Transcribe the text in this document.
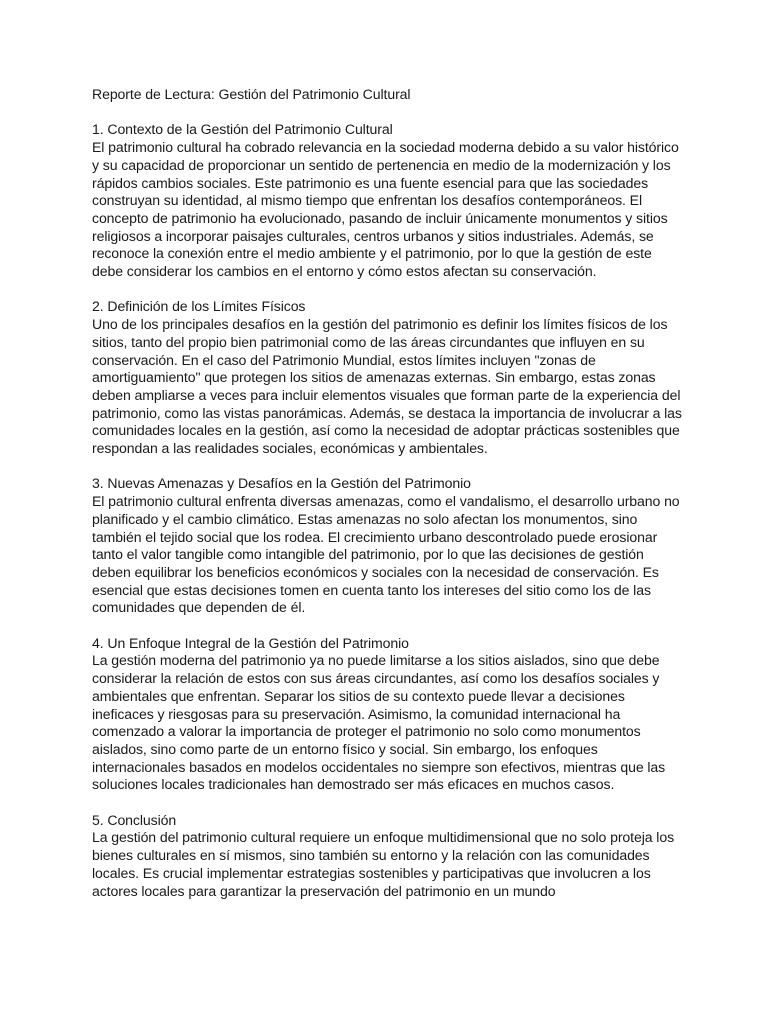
Reporte de Lectura: Gestión del Patrimonio Cultural

1. Contexto de la Gestión del Patrimonio Cultural

El patrimonio cultural ha cobrado relevancia en la sociedad moderna debido a su valor histórico y su capacidad de proporcionar un sentido de pertenencia en medio de la modernización y los rápidos cambios sociales. Este patrimonio es una fuente esencial para que las sociedades construyan su identidad, al mismo tiempo que enfrentan los desafíos contemporáneos. El concepto de patrimonio ha evolucionado, pasando de incluir únicamente monumentos y sitios religiosos a incorporar paisajes culturales, centros urbanos y sitios industriales. Además, se reconoce la conexión entre el medio ambiente y el patrimonio, por lo que la gestión de este debe considerar los cambios en el entorno y cómo estos afectan su conservación.

2. Definición de los Límites Físicos

Uno de los principales desafíos en la gestión del patrimonio es definir los límites físicos de los sitios, tanto del propio bien patrimonial como de las áreas circundantes que influyen en su conservación. En el caso del Patrimonio Mundial, estos límites incluyen "zonas de amortiguamiento" que protegen los sitios de amenazas externas. Sin embargo, estas zonas deben ampliarse a veces para incluir elementos visuales que forman parte de la experiencia del patrimonio, como las vistas panorámicas. Además, se destaca la importancia de involucrar a las comunidades locales en la gestión, así como la necesidad de adoptar prácticas sostenibles que respondan a las realidades sociales, económicas y ambientales.

3. Nuevas Amenazas y Desafíos en la Gestión del Patrimonio

El patrimonio cultural enfrenta diversas amenazas, como el vandalismo, el desarrollo urbano no planificado y el cambio climático. Estas amenazas no solo afectan los monumentos, sino también el tejido social que los rodea. El crecimiento urbano descontrolado puede erosionar tanto el valor tangible como intangible del patrimonio, por lo que las decisiones de gestión deben equilibrar los beneficios económicos y sociales con la necesidad de conservación. Es esencial que estas decisiones tomen en cuenta tanto los intereses del sitio como los de las comunidades que dependen de él.

4. Un Enfoque Integral de la Gestión del Patrimonio

La gestión moderna del patrimonio ya no puede limitarse a los sitios aislados, sino que debe considerar la relación de estos con sus áreas circundantes, así como los desafíos sociales y ambientales que enfrentan. Separar los sitios de su contexto puede llevar a decisiones ineficaces y riesgosas para su preservación. Asimismo, la comunidad internacional ha comenzado a valorar la importancia de proteger el patrimonio no solo como monumentos aislados, sino como parte de un entorno físico y social. Sin embargo, los enfoques internacionales basados en modelos occidentales no siempre son efectivos, mientras que las soluciones locales tradicionales han demostrado ser más eficaces en muchos casos.

5. Conclusión

La gestión del patrimonio cultural requiere un enfoque multidimensional que no solo proteja los bienes culturales en sí mismos, sino también su entorno y la relación con las comunidades locales. Es crucial implementar estrategias sostenibles y participativas que involucren a los actores locales para garantizar la preservación del patrimonio en un mundo
